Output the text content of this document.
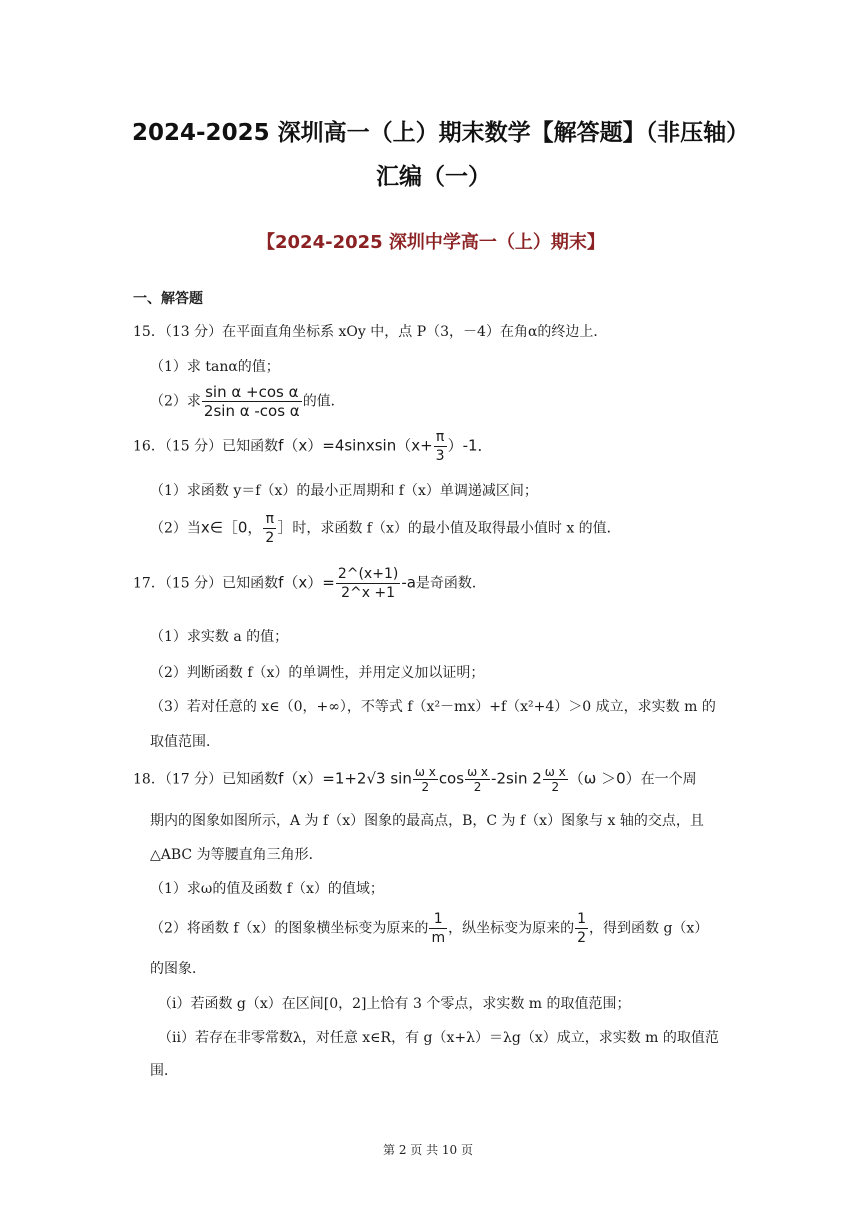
2024-2025 深圳高一（上）期末数学【解答题】（非压轴）
汇编（一）
【2024-2025 深圳中学高一（上）期末】
一、解答题
15．（13 分）在平面直角坐标系 xOy 中，点 P（3，－4）在角α的终边上．
（1）求 tanα的值；
（2）求 $\frac{\text{sin α +cos α}}{\text{2sin α -cos α}}$ 的值．
16．（15 分）已知函数f（x）=4sinxsin（x+ $\frac{\pi}{3} )-1$．
（1）求函数 y＝f（x）的最小正周期和 f（x）单调递减区间；
（2）当x∈［0， $\frac{\pi}{2}$ ］时，求函数 f（x）的最小值及取得最小值时 x 的值．
17．（15 分）已知函数$f(x)= \frac{2\^{}(x+1)}{2\^{}x +1} -a$是奇函数．
（1）求实数 a 的值；
（2）判断函数 f（x）的单调性，并用定义加以证明；
（3）若对任意的 x∈（0，+∞），不等式 f（x²－mx）+f（x²+4）＞0 成立，求实数 m 的
取值范围．
18．（17 分）已知函数f（x）=1+2√3 $\sin \frac{\text{ω x}}{2}$ $\cos \frac{\text{ω x}}{2} -2\sin$ $2 \frac{\text{ω x}}{2} (\omega >0)$在一个周
期内的图象如图所示，A 为 f（x）图象的最高点，B，C 为 f（x）图象与 x 轴的交点，且
△ABC 为等腰直角三角形．
（1）求ω的值及函数 f（x）的值域；
（2）将函数 f（x）的图象横坐标变为原来的 $\frac{1}{m}$ ，纵坐标变为原来的 $\frac{1}{2}$ ，得到函数 g（x）
的图象．
（i）若函数 g（x）在区间[0，2]上恰有 3 个零点，求实数 m 的取值范围；
（ii）若存在非零常数λ，对任意 x∈R，有 g（x+λ）＝λg（x）成立，求实数 m 的取值范
围．
第 2 页 共 10 页
